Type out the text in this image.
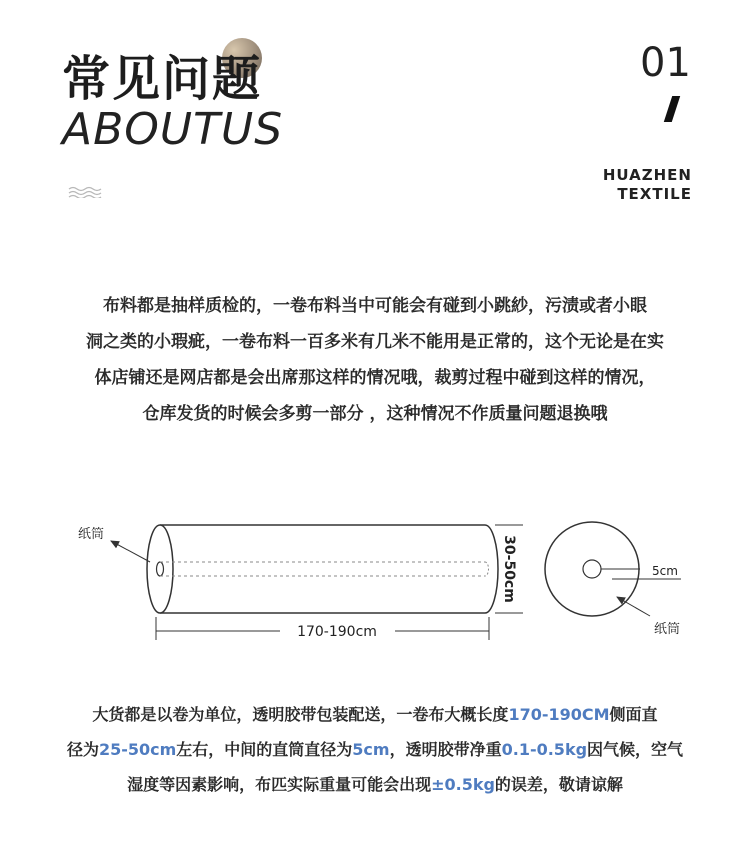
常见问题
ABOUTUS
01
HUAZHEN
TEXTILE
布料都是抽样质检的，一卷布料当中可能会有碰到小跳紗，污渍或者小眼
洞之类的小瑕疵，一卷布料一百多米有几米不能用是正常的，这个无论是在实
体店铺还是网店都是会出席那这样的情况哦，裁剪过程中碰到这样的情况，
仓库发货的时候会多剪一部分 ，这种情况不作质量问题退换哦
纸筒
170-190cm
30-50cm	5cm
纸筒
大货都是以卷为单位，透明胶带包装配送，一卷布大概长度170-190CM侧面直
径为25-50cm左右，中间的直筒直径为5cm，透明胶带净重0.1-0.5kg因气候，空气
湿度等因素影响，布匹实际重量可能会出现±0.5kg的误差，敬请谅解
